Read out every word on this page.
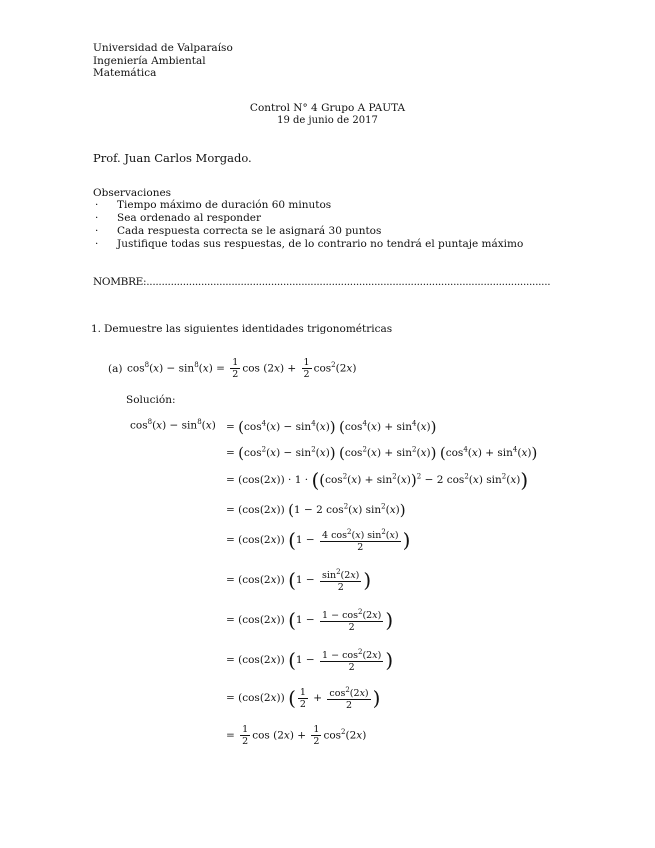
Universidad de Valparaíso
Ingeniería Ambiental
Matemática
Control N° 4 Grupo A PAUTA
19 de junio de 2017
Prof. Juan Carlos Morgado.
Observaciones
· Tiempo máximo de duración 60 minutos
· Sea ordenado al responder
· Cada respuesta correcta se le asignará 30 puntos
· Justifique todas sus respuestas, de lo contrario no tendrá el puntaje máximo
NOMBRE:.....................................................................................................................................
1. Demuestre las siguientes identidades trigonométricas
(a) $\cos^8(x) - \sin^8(x) = \frac{1}{2}$ $\cos (2x) + \frac{1}{2} \cos^2(2x)$
Solución:
$\cos^8(x) - \sin^8(x) = (\cos^4(x) - \sin^4(x)) (\cos^4(x) + \sin^4(x))$
= $(\cos^2(x) - \sin^2(x)) (\cos^2(x) + \sin^2(x)) (\cos^4(x) + \sin^4(x))$
= $(\cos(2x)) \cdot 1 \cdot ((\cos^2(x) + \sin^2(x))^2 - 2$ $\cos^2(x)$ $\sin^2(x)$)
= (cos(2x)) (1 − 2 $\cos^2(x)$ $\sin^2(x)$)
= (cos(2x)) ($1 - \frac{4 \cos^2(x) \sin^2(x)}{2}$ )
= (cos(2x)) ($1 - \frac{\sin^2(2x)}{2}$ )
= (cos(2x)) ($1 - \frac{1 - \cos^2(2x)}{2}$ )
= (cos(2x)) ($1 - \frac{1 - \cos^2(2x)}{2}$ )
= (cos(2x)) ( $\frac{1}{2} + \frac{\cos^2(2x)}{2}$ )
= $\frac{1}{2}$ $\cos (2x) + \frac{1}{2} \cos^2(2x)$
